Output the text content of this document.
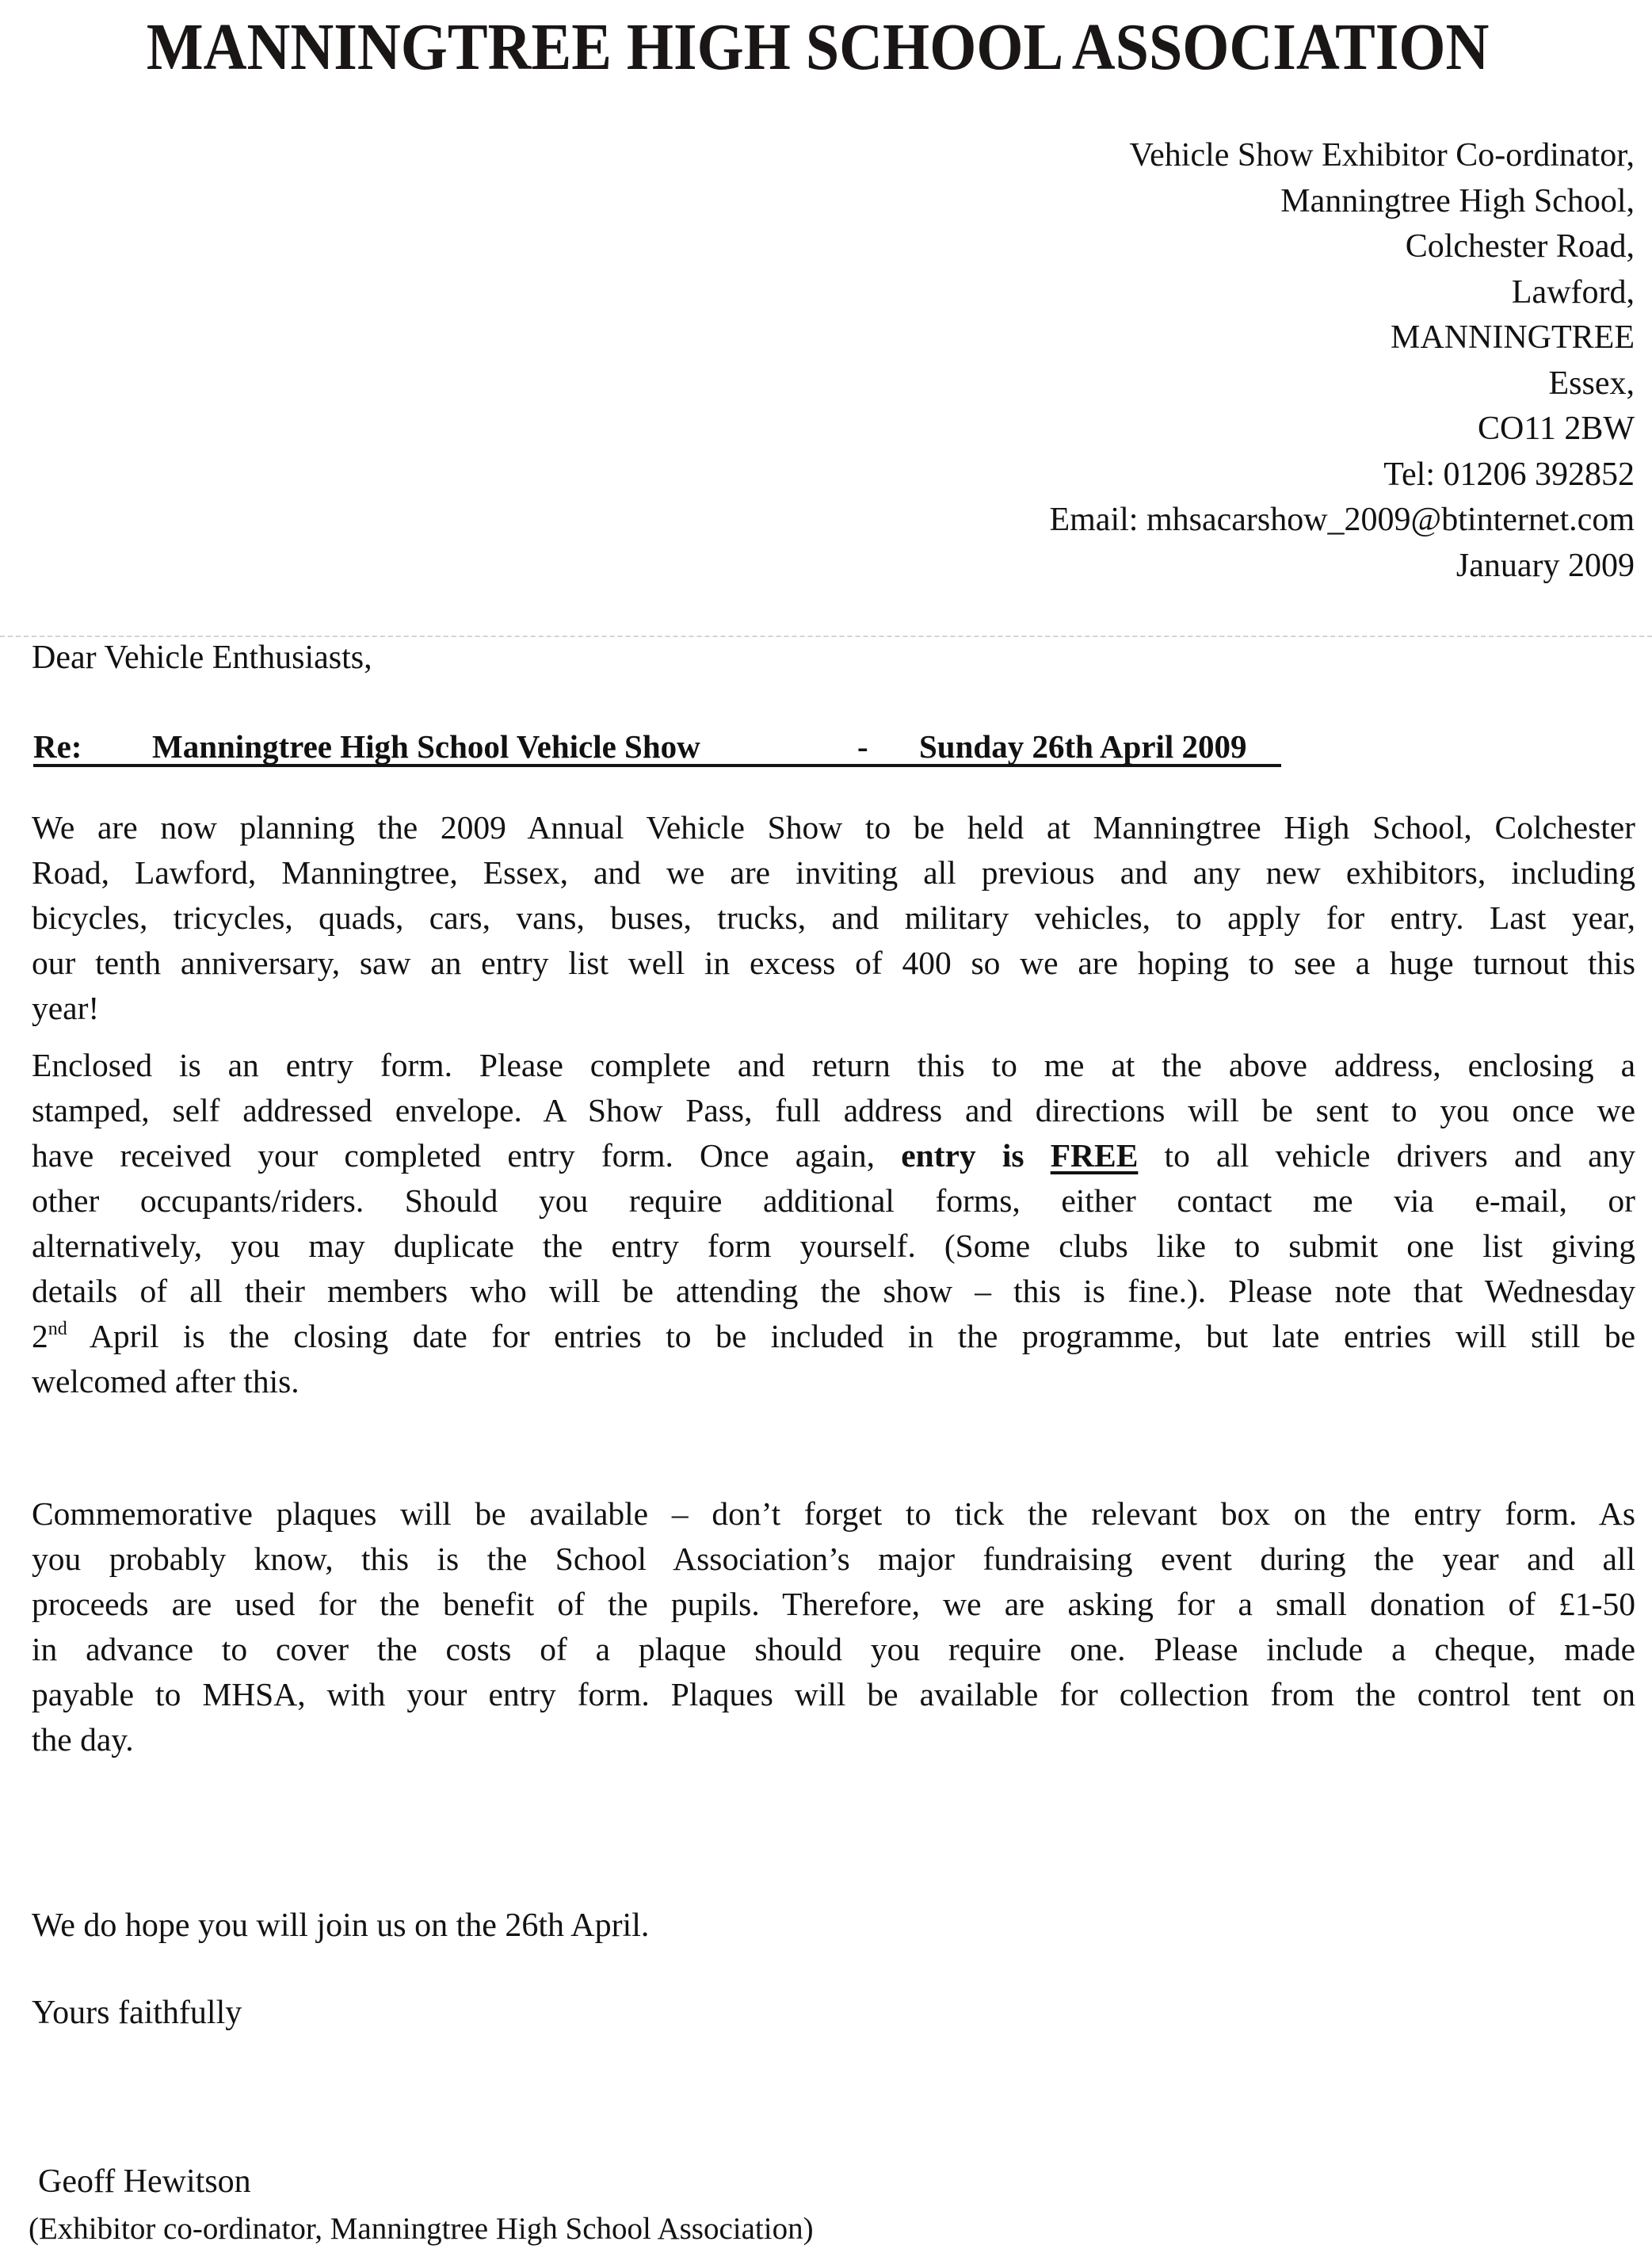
MANNINGTREE HIGH SCHOOL ASSOCIATION
Vehicle Show Exhibitor Co-ordinator,
Manningtree High School,
Colchester Road,
Lawford,
MANNINGTREE
Essex,
CO11 2BW
Tel: 01206 392852
Email: mhsacarshow_2009@btinternet.com
January 2009
Dear Vehicle Enthusiasts,
Re: Manningtree High School Vehicle Show	- Sunday 26th April 2009
We are now planning the 2009 Annual Vehicle Show to be held at Manningtree High School, Colchester
Road, Lawford, Manningtree, Essex, and we are inviting all previous and any new exhibitors, including
bicycles, tricycles, quads, cars, vans, buses, trucks, and military vehicles, to apply for entry. Last year,
our tenth anniversary, saw an entry list well in excess of 400 so we are hoping to see a huge turnout this
year!
Enclosed is an entry form. Please complete and return this to me at the above address, enclosing a
stamped, self addressed envelope. A Show Pass, full address and directions will be sent to you once we
have received your completed entry form. Once again, entry is FREE to all vehicle drivers and any
other occupants/riders. Should you require additional forms, either contact me via e-mail, or
alternatively, you may duplicate the entry form yourself. (Some clubs like to submit one list giving
details of all their members who will be attending the show – this is fine.). Please note that Wednesday
2nd April is the closing date for entries to be included in the programme, but late entries will still be
welcomed after this.
Commemorative plaques will be available – don’t forget to tick the relevant box on the entry form. As
you probably know, this is the School Association’s major fundraising event during the year and all
proceeds are used for the benefit of the pupils. Therefore, we are asking for a small donation of £1-50
in advance to cover the costs of a plaque should you require one. Please include a cheque, made
payable to MHSA, with your entry form. Plaques will be available for collection from the control tent on
the day.
We do hope you will join us on the 26th April.
Yours faithfully
Geoff Hewitson
(Exhibitor co-ordinator, Manningtree High School Association)
